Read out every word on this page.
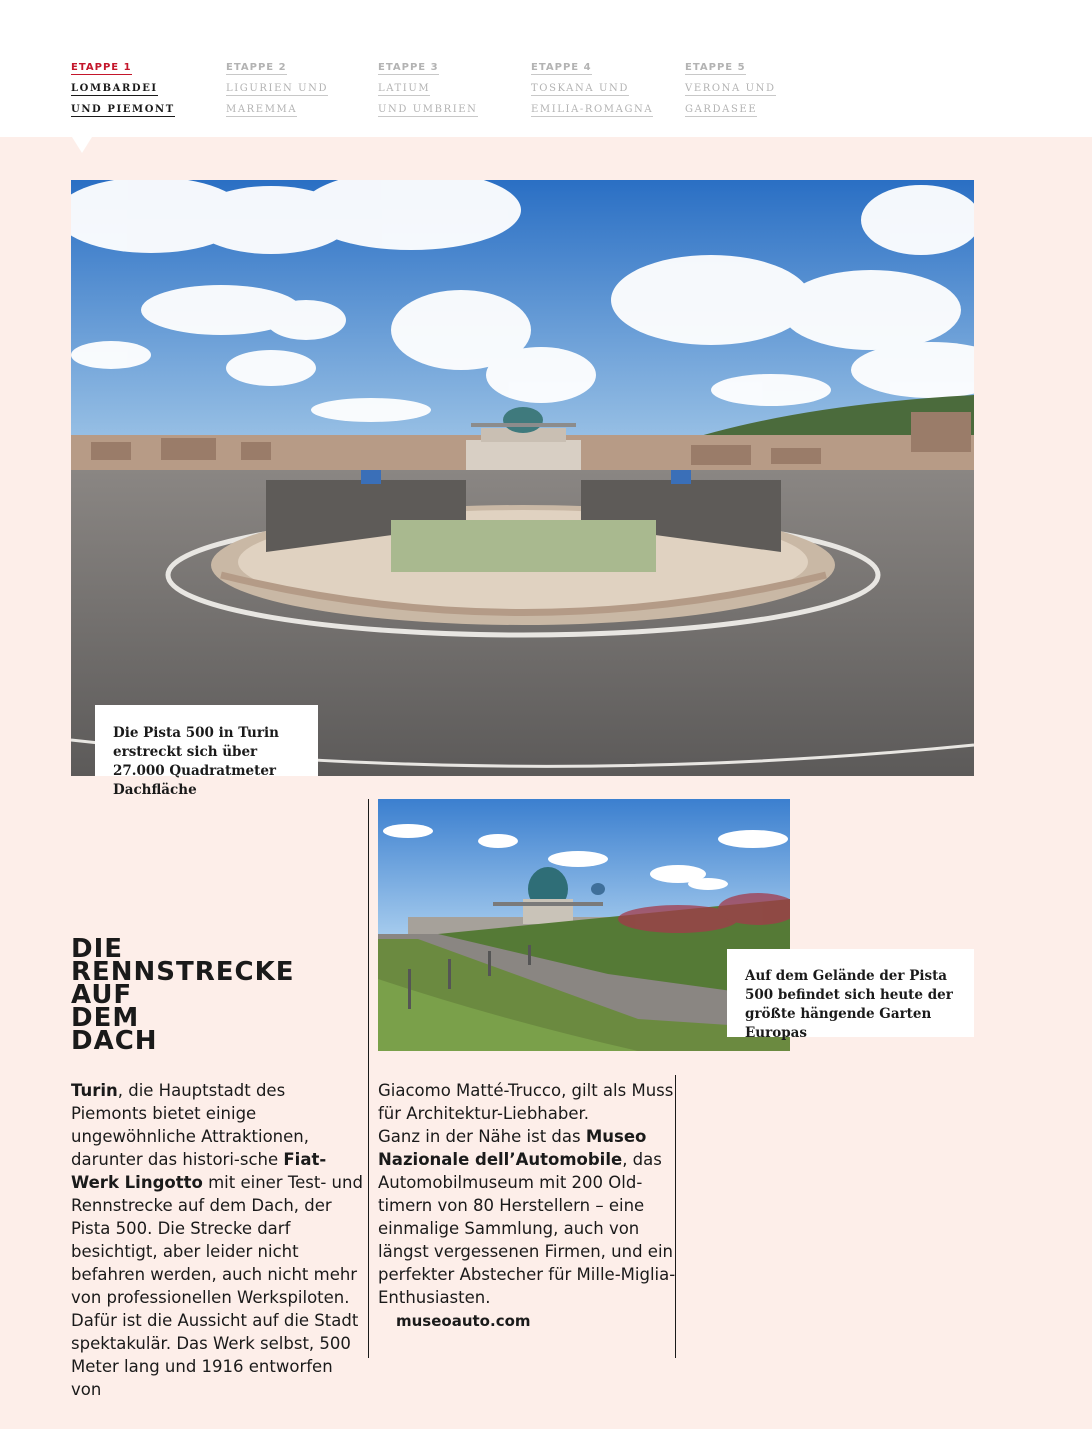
ETAPPE 1
LOMBARDEI
UND PIEMONT
ETAPPE 2
LIGURIEN UND
MAREMMA
ETAPPE 3
LATIUM
UND UMBRIEN
ETAPPE 4
TOSKANA UND
EMILIA-ROMAGNA
ETAPPE 5
VERONA UND
GARDASEE
Die Pista 500 in Turin erstreckt sich über 27.000 Quadratmeter Dachfläche
Auf dem Gelände der Pista 500 befindet sich heute der größte hängende Garten Europas
DIE
RENNSTRECKE
AUF
DEM
DACH
Turin, die Hauptstadt des Piemonts bietet einige ungewöhnliche Attraktionen, darunter das histori-sche Fiat-Werk Lingotto mit einer Test- und Rennstrecke auf dem Dach, der Pista 500. Die Strecke darf besichtigt, aber leider nicht befahren werden, auch nicht mehr von professionellen Werkspiloten. Dafür ist die Aussicht auf die Stadt spektakulär. Das Werk selbst, 500 Meter lang und 1916 entworfen von
Giacomo Matté-Trucco, gilt als Muss für Architektur-Liebhaber.
Ganz in der Nähe ist das Museo Nazionale dell’Automobile, das Automobilmuseum mit 200 Old-timern von 80 Herstellern – eine einmalige Sammlung, auch von längst vergessenen Firmen, und ein perfekter Abstecher für Mille-Miglia-Enthusiasten.
museoauto.com
